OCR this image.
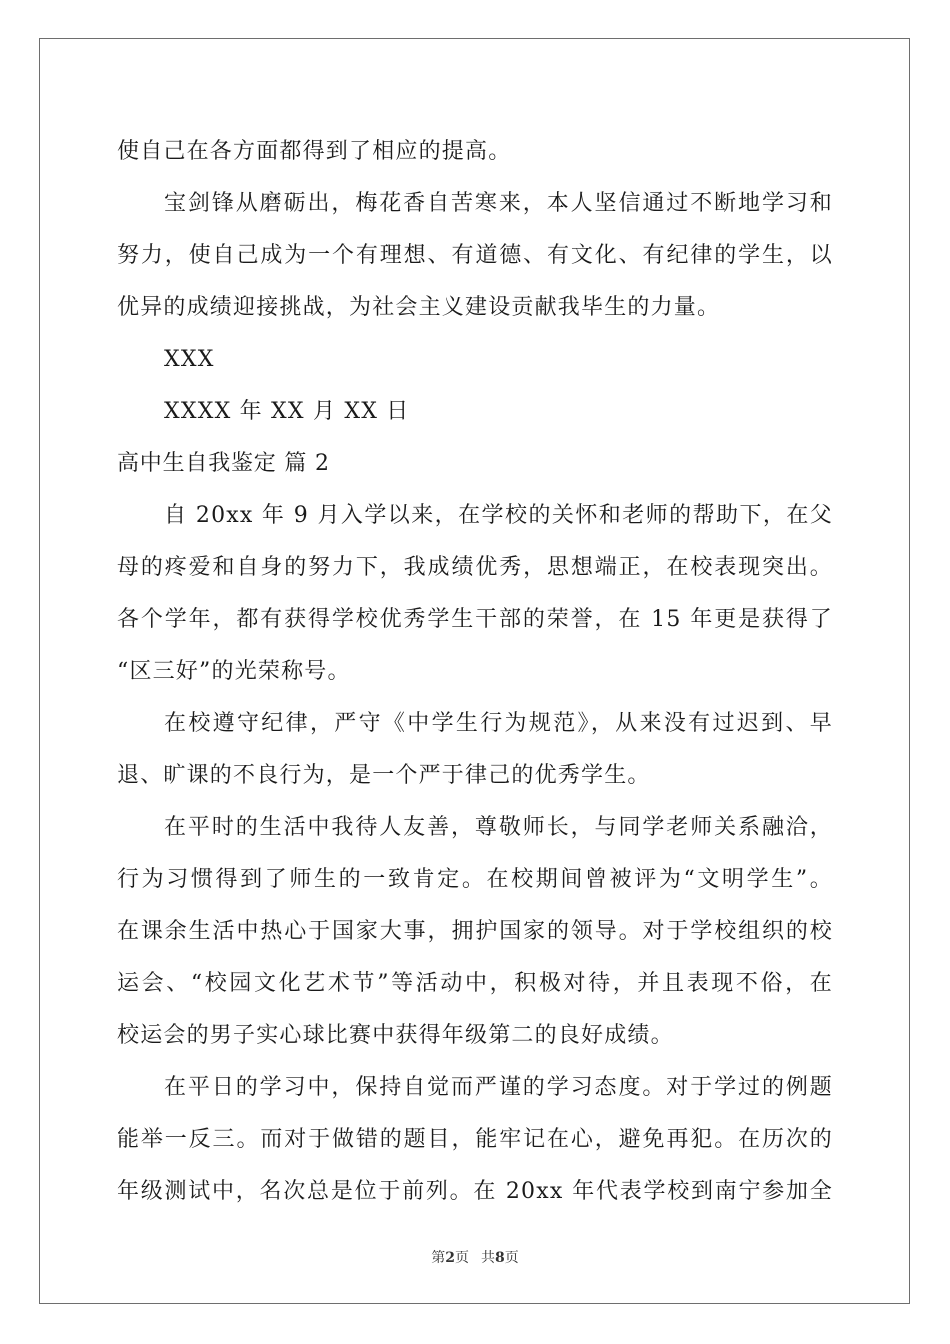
使自己在各方面都得到了相应的提高。
宝剑锋从磨砺出，梅花香自苦寒来，本人坚信通过不断地学习和
努力，使自己成为一个有理想、有道德、有文化、有纪律的学生，以
优异的成绩迎接挑战，为社会主义建设贡献我毕生的力量。
XXX
XXXX 年 XX 月 XX 日
高中生自我鉴定 篇 2
自 20xx 年 9 月入学以来，在学校的关怀和老师的帮助下，在父
母的疼爱和自身的努力下，我成绩优秀，思想端正，在校表现突出。
各个学年，都有获得学校优秀学生干部的荣誉，在 15 年更是获得了
“区三好”的光荣称号。
在校遵守纪律，严守《中学生行为规范》，从来没有过迟到、早
退、旷课的不良行为，是一个严于律己的优秀学生。
在平时的生活中我待人友善，尊敬师长，与同学老师关系融洽，
行为习惯得到了师生的一致肯定。在校期间曾被评为“文明学生”。
在课余生活中热心于国家大事，拥护国家的领导。对于学校组织的校
运会、“校园文化艺术节”等活动中，积极对待，并且表现不俗，在
校运会的男子实心球比赛中获得年级第二的良好成绩。
在平日的学习中，保持自觉而严谨的学习态度。对于学过的例题
能举一反三。而对于做错的题目，能牢记在心，避免再犯。在历次的
年级测试中，名次总是位于前列。在 20xx 年代表学校到南宁参加全
第2页 共8页
